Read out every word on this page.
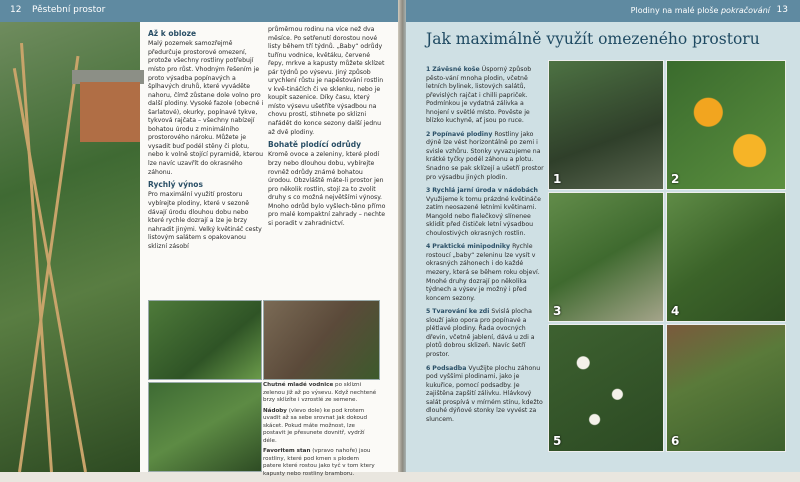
12 Pěstební prostor
Až k obloze

Malý pozemek samozřejmě předurčuje prostorové omezení, protože všechny rostliny potřebují místo pro růst. Vhodným řešením je proto výsadba popínavých a šplhavých druhů, které vyváděte nahoru, čímž zůstane dole volno pro další plodiny. Vysoké fazole (obecné i šarlatové), okurky, popínavé tykve, tykvová rajčata – všechny nabízejí bohatou úrodu z minimálního prostorového nároku. Můžete je vysadit buď podél stěny či plotu, nebo k volně stojící pyramidě, kterou lze navíc uzavřít do okrasného záhonu.

Rychlý výnos

Pro maximální využití prostoru vybírejte plodiny, které v sezoně dávají úrodu dlouhou dobu nebo které rychle dozrají a lze je brzy nahradit jinými. Velký květináč cesty listovým salátem s opakovanou sklizní zásobí

průměrnou rodinu na více než dva měsíce. Po setřenutí dorostou nové listy během tří týdnů. „Baby“ odrůdy tuřínu vodnice, květáku, červené řepy, mrkve a kapusty můžete sklízet pár týdnů po výsevu. Jiný způsob urychlení růstu je napěstování rostlin v kvě-tináčích či ve sklenku, nebo je koupit sazenice. Díky času, který místo výsevu ušetříte výsadbou na chovu prostí, stihnete po sklizni nafádět do konce sezony další jednu až dvě plodiny.

Bohatě plodící odrůdy

Kromě ovoce a zeleniny, které plodí brzy nebo dlouhou dobu, vybírejte rovněž odrůdy známé bohatou úrodou. Obzvláště máte-li prostor jen pro několik rostlin, stojí za to zvolit druhy s co možná největšími výnosy. Mnoho odrůd bylo vyšlech-těno přímo pro malé kompaktní zahrady – nechte si poradit v zahradnictví.

Chutné mladé vodnice po sklizni zelenou již až po výsevu. Když nechtené brzy sklízíte i vzrostlé ze semene.

Nádoby (vlevo dole) ke pod krotem uvadit až sa sebe srovnat jak dokoud skácet. Pokud máte možnost, lze postavit je přesunete dovnitř, vydrží déle.

Favoritem stan (vpravo nahoře) jsou rostliny, které pod kmen s plodem patere které rostou jako tyč v tom ktery kapusty nebo rostliny bramboru.

Plodiny na malé ploše pokračování 13
Jak maximálně využít omezeného prostoru

1 Závěsné koše Úsporný způsob pěsto-vání mnoha plodin, včetně letních bylinek, listových salátů, převislých rajčat i chilli papriček. Podmínkou je vydatná zálivka a hnojení v světlé místo. Pověste je blízko kuchyně, ať jsou po ruce.

2 Popínavé plodiny Rostliny jako dýně lze vést horizontálně po zemi i svisle vzhůru. Stonky vyvazujeme na krátké tyčky podél záhonu a plotu. Snadno se pak sklízejí a ušetří prostor pro výsadbu jiných plodin.

3 Rychlá jarní úroda v nádobách Využijeme k tomu prázdné květináče zatím neosazené letními květinami. Mangold nebo fialečkový slínenee sklidit před čističek letní výsadbou choulostivých okrasných rostlin.

4 Praktické minipodniky Rychle rostoucí „baby“ zeleninu lze vysít v okrasných záhonech i do každé mezery, která se během roku objeví. Mnohé druhy dozrají po několika týdnech a výsev je možný i před koncem sezony.

5 Tvarování ke zdi Svislá plocha slouží jako opora pro popínavé a plétlavé plodiny. Řada ovocných dřevin, včetně jablení, dává u zdi a plotů dobrou sklizeň. Navíc šetří prostor.

6 Podsadba Využijte plochu záhonu pod vyššími plodinami, jako je kukuřice, pomocí podsadby. Je zajištěna zapšití zálivku. Hlávkový salát prospívá v mírném stínu, kdežto dlouhé dýňové stonky lze vyvést za sluncem.

1	2
3	4
5	6
